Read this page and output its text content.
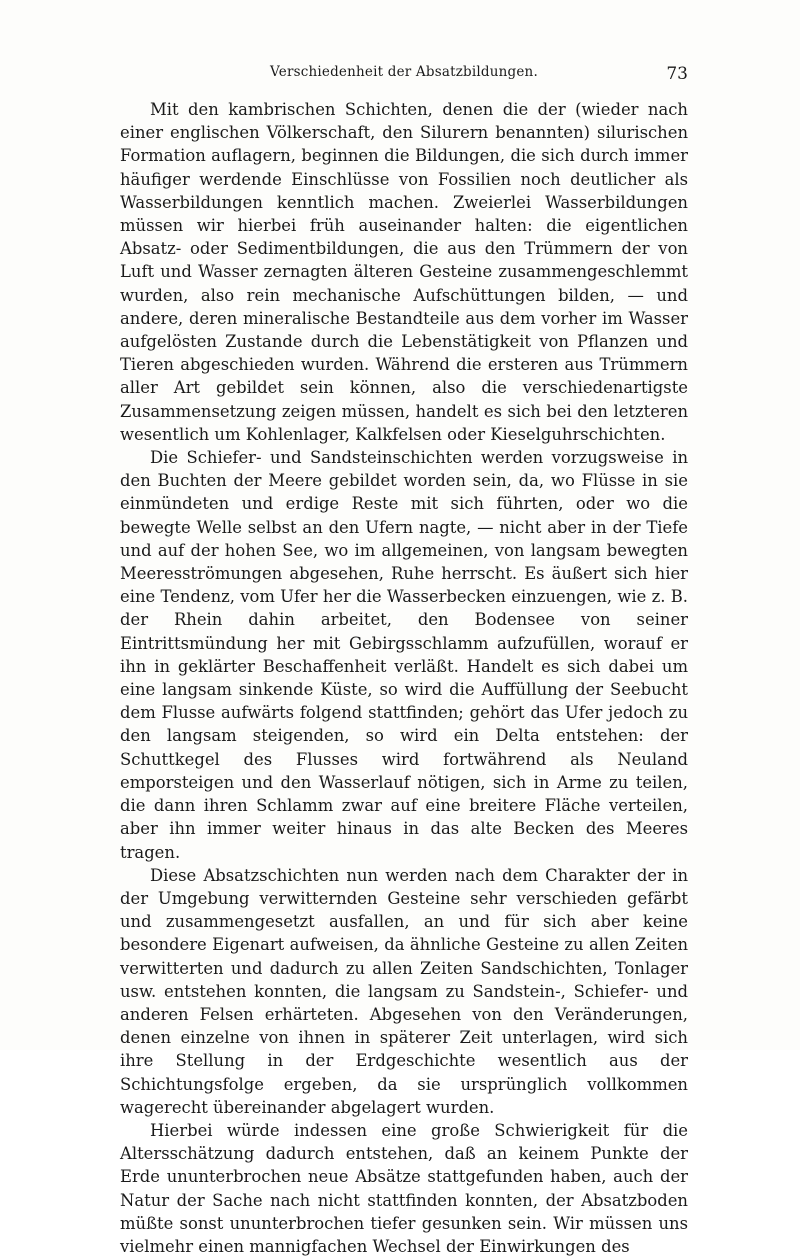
Verschiedenheit der Absatzbildungen.	73

Mit den kambrischen Schichten, denen die der (wieder nach einer englischen Völkerschaft, den Silurern benannten) silurischen Formation auflagern, beginnen die Bildungen, die sich durch immer häufiger werdende Einschlüsse von Fossilien noch deutlicher als Wasserbildungen kenntlich machen. Zweierlei Wasserbildungen müssen wir hierbei früh auseinander halten: die eigentlichen Absatz- oder Sedimentbildungen, die aus den Trümmern der von Luft und Wasser zernagten älteren Gesteine zusammengeschlemmt wurden, also rein mechanische Aufschüttungen bilden, — und andere, deren mineralische Bestandteile aus dem vorher im Wasser aufgelösten Zustande durch die Lebenstätigkeit von Pflanzen und Tieren abgeschieden wurden. Während die ersteren aus Trümmern aller Art gebildet sein können, also die verschiedenartigste Zusammensetzung zeigen müssen, handelt es sich bei den letzteren wesentlich um Kohlenlager, Kalkfelsen oder Kieselguhrschichten.

Die Schiefer- und Sandsteinschichten werden vorzugsweise in den Buchten der Meere gebildet worden sein, da, wo Flüsse in sie einmündeten und erdige Reste mit sich führten, oder wo die bewegte Welle selbst an den Ufern nagte, — nicht aber in der Tiefe und auf der hohen See, wo im allgemeinen, von langsam bewegten Meeresströmungen abgesehen, Ruhe herrscht. Es äußert sich hier eine Tendenz, vom Ufer her die Wasserbecken einzuengen, wie z. B. der Rhein dahin arbeitet, den Bodensee von seiner Eintrittsmündung her mit Gebirgsschlamm aufzufüllen, worauf er ihn in geklärter Beschaffenheit verläßt. Handelt es sich dabei um eine langsam sinkende Küste, so wird die Auffüllung der Seebucht dem Flusse aufwärts folgend stattfinden; gehört das Ufer jedoch zu den langsam steigenden, so wird ein Delta entstehen: der Schuttkegel des Flusses wird fortwährend als Neuland emporsteigen und den Wasserlauf nötigen, sich in Arme zu teilen, die dann ihren Schlamm zwar auf eine breitere Fläche verteilen, aber ihn immer weiter hinaus in das alte Becken des Meeres tragen.

Diese Absatzschichten nun werden nach dem Charakter der in der Umgebung verwitternden Gesteine sehr verschieden gefärbt und zusammengesetzt ausfallen, an und für sich aber keine besondere Eigenart aufweisen, da ähnliche Gesteine zu allen Zeiten verwitterten und dadurch zu allen Zeiten Sandschichten, Tonlager usw. entstehen konnten, die langsam zu Sandstein-, Schiefer- und anderen Felsen erhärteten. Abgesehen von den Veränderungen, denen einzelne von ihnen in späterer Zeit unterlagen, wird sich ihre Stellung in der Erdgeschichte wesentlich aus der Schichtungsfolge ergeben, da sie ursprünglich vollkommen wagerecht übereinander abgelagert wurden.

Hierbei würde indessen eine große Schwierigkeit für die Altersschätzung dadurch entstehen, daß an keinem Punkte der Erde ununterbrochen neue Absätze stattgefunden haben, auch der Natur der Sache nach nicht stattfinden konnten, der Absatzboden müßte sonst ununterbrochen tiefer gesunken sein. Wir müssen uns vielmehr einen mannigfachen Wechsel der Einwirkungen des
